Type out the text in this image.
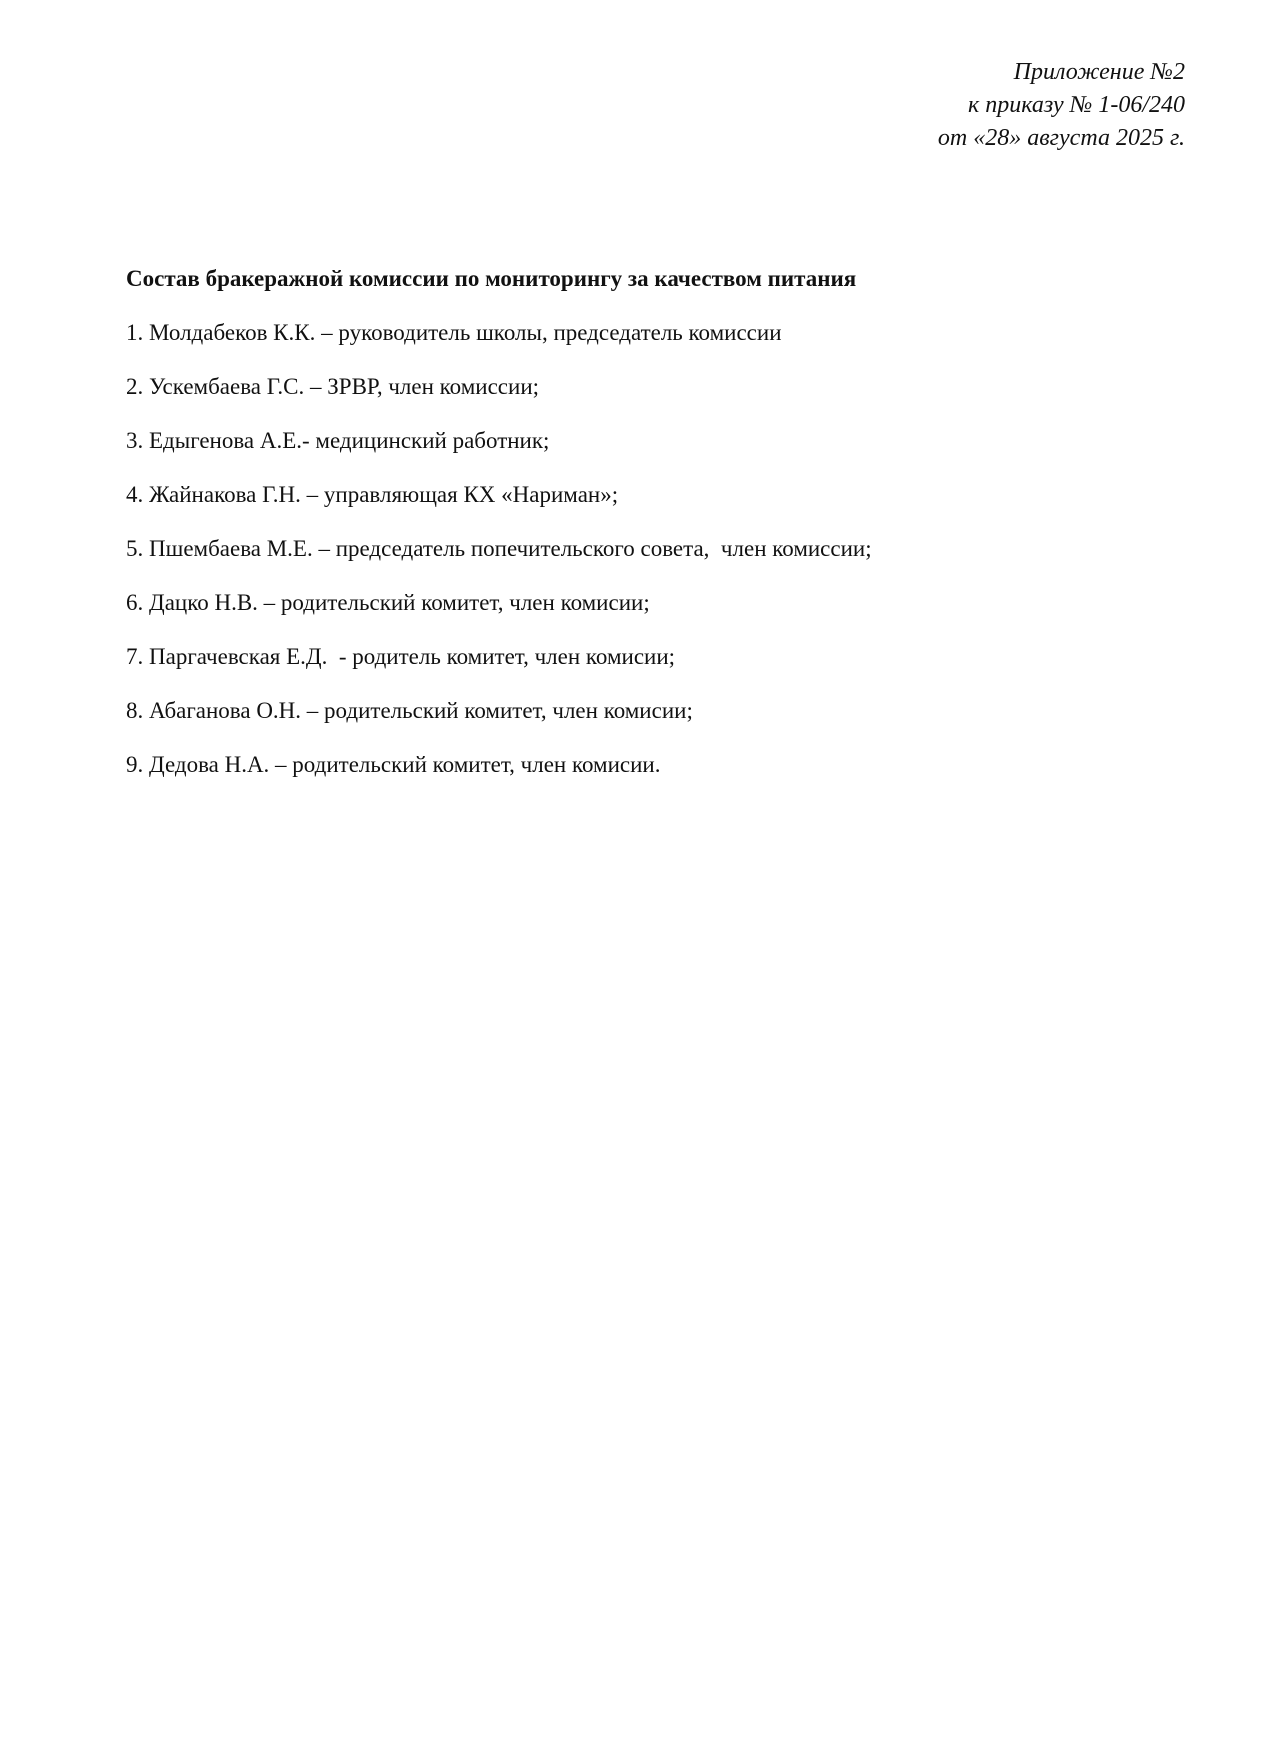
Приложение №2
к приказу № 1-06/240
от «28» августа 2025 г.
Состав бракеражной комиссии по мониторингу за качеством питания
1. Молдабеков К.К. – руководитель школы, председатель комиссии
2. Ускембаева Г.С. – ЗРВР, член комиссии;
3. Едыгенова А.Е.- медицинский работник;
4. Жайнакова Г.Н. – управляющая КХ «Нариман»;
5. Пшембаева М.Е. – председатель попечительского совета,  член комиссии;
6. Дацко Н.В. – родительский комитет, член комисии;
7. Паргачевская Е.Д.  - родитель комитет, член комисии;
8. Абаганова О.Н. – родительский комитет, член комисии;
9. Дедова Н.А. – родительский комитет, член комисии.
